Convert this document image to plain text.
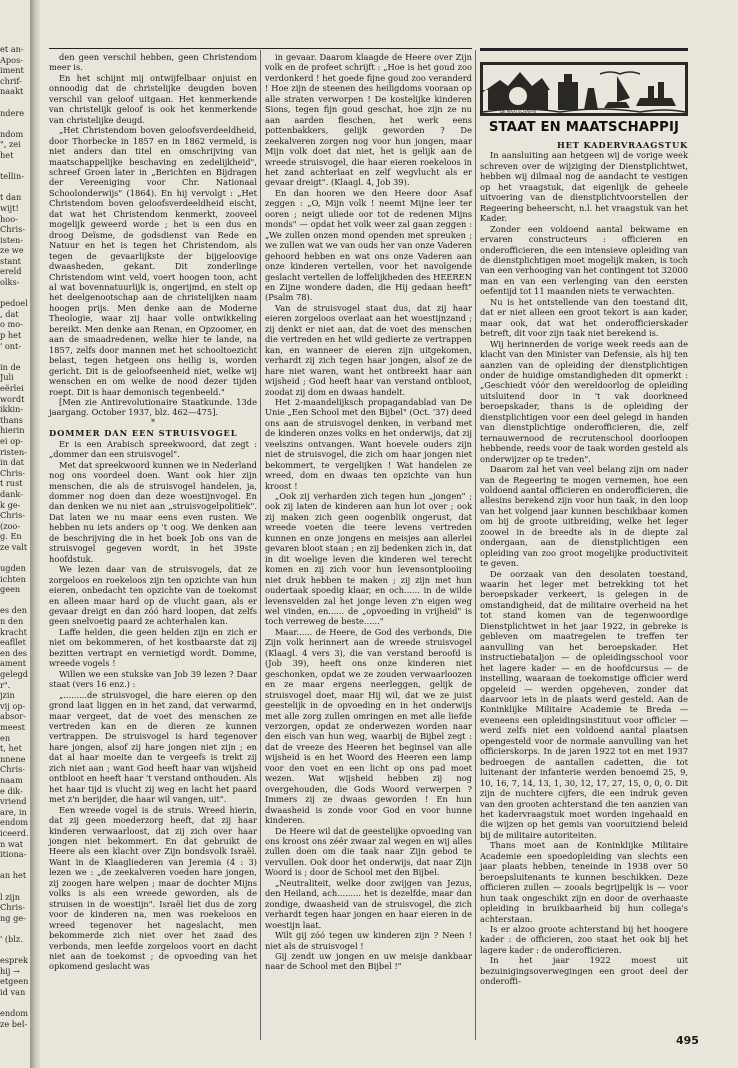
et an-
Apos-
iment
chrif-
naakt

ndere

ndom
", zei
het

tellin-

t dan
wijt!
hoo-
Chris-
isten-
ze we
stant
ereld
olks-

pedoel
, dat
o mo-
p het
' ont-

in de
Juli
eërlei
wordt
ikkin-
thans
hierin
ei op-
risten-
in dat
Chris-
t rust
dank-
k ge-
Chris-
(zoo-
g. En
ze valt

ugden
ichten
geen

es den
n den
kracht
eafllet
en des
ament
gelegd
r".
jzin
vij op-
absor-
meest
en
t, het
nnene
Chris-
naam
e dik-
vriend
are, in
endom
iceerd.
n wat
itiona-

an het

l zijn
Chris-
ng ge-

' (blz.

esprek
hij →
etgeen
id van

endom
ze bel-

den geen verschil hebben, geen Christendom meer is.

En het schijnt mij ontwijfelbaar onjuist en onnoodig dat de christelijke deugden boven verschil van geloof uitgaan. Het kenmerkende van christelijk geloof is ook het kenmerkende van christelijke deugd.

„Het Christendom boven geloofsverdeeldheid, door Thorbecke in 1857 en in 1862 vermeld, is niet anders dan titel en omschrijving van maatschappelijke beschaving en zedelijkheid", schreef Groen later in „Berichten en Bijdragen der Vereeniging voor Chr. Nationaal Schoolonderwijs" (1864). En hij vervolgt : „Het Christendom boven geloofsverdeeldheid eischt, dat wat het Christendom kenmerkt, zooveel mogelijk geweerd worde ; het is een dus en droog Deïsme, de godsdienst van Rede en Natuur en het is tegen het Christendom, als tegen de gevaarlijkste der bijgeloovige dwaasheden, gekant. Dit zonderlinge Christendom wint veld, voert hoogen toon, acht al wat bovennatuurlijk is, ongerijmd, en stelt op het deelgenootschap aan de christelijken naam hoogen prijs. Men denke aan de Moderne Theologie, waar zij haar volle ontwikkeling bereikt. Men denke aan Renan, en Opzoomer, en aan de smaadredenen, welke hier te lande, na 1857, zelfs door mannen met het schooltoezicht belast, tegen hetgeen ons heilig is, worden gericht. Dit is de geloofseenheid niet, welke wij wenschen en om welke de nood dezer tijden roept. Dit is haar demonisch tegenbeeld."

[Men zie Antirevolutionaire Staatkunde. 13de jaargang. October 1937, blz. 462—475].

*

DOMMER DAN EEN STRUISVOGEL

Er is een Arabisch spreekwoord, dat zegt : „dommer dan een struisvogel".

Met dat spreekwoord kunnen we in Nederland nog ons voordeel doen. Want ook hier zijn menschen, die als de struisvogel handelen, ja, dommer nog doen dan deze woestijnvogel. En dan denken we nu niet aan „struisvogelpolitiek". Dat laten we nu maar eens even rusten. We hebben nu iets anders op 't oog. We denken aan de beschrijving die in het boek Job ons van de struisvogel gegeven wordt, in het 39ste hoofdstuk.

We lezen daar van de struisvogels, dat ze zorgeloos en roekeloos zijn ten opzichte van hun eieren, onbedacht ten opzichte van de toekomst en alleen maar hard op de vlucht gaan, als er gevaar dreigt en dan zóó hard loopen, dat zelfs geen snelvoetig paard ze achterhalen kan.

Laffe helden, die geen helden zijn en zich er niet om bekommeren, of het kostbaarste dat zij bezitten vertrapt en vernietigd wordt. Domme, wreede vogels !

Willen we een stukske van Job 39 lezen ? Daar staat (vers 16 enz.) :

„.........de struisvogel, die hare eieren op den grond laat liggen en in het zand, dat verwarmd, maar vergeet, dat de voet des menschen ze vertreden kan en de dieren ze kunnen vertrappen. De struisvogel is hard tegenover hare jongen, alsof zij hare jongen niet zijn ; en dat al haar moeite dan te vergeefs is trekt zij zich niet aan ; want God heeft haar van wijsheid ontbloot en heeft haar 't verstand onthouden. Als het haar tijd is vlucht zij weg en lacht het paard met z'n berijder, die haar wil vangen, uit".

Een wreede vogel is de struis. Wreed hierin, dat zij geen moederzorg heeft, dat zij haar kinderen verwaarloost, dat zij zich over haar jongen niet bekommert. En dat gebruikt de Heere als een klacht over Zijn bondsvolk Israël. Want in de Klaagliederen van Jeremia (4 : 3) lezen we : „de zeekalveren voeden hare jongen, zij zoogen hare welpen ; maar de dochter Mijns volks is als een wreede geworden, als de struisen in de woestijn". Israël liet dus de zorg voor de kinderen na, men was roekeloos en wreed tegenover het nageslacht, men bekommerde zich niet over het zaad des verbonds, men leefde zorgeloos voort en dacht niet aan de toekomst ; de opvoeding van het opkomend geslacht was

in gevaar. Daarom klaagde de Heere over Zijn volk en de profeet schrijft : „Hoe is het goud zoo verdonkerd ! het goede fijne goud zoo veranderd ! Hoe zijn de steenen des heiligdoms vooraan op alle straten verworpen ! De kostelijke kinderen Sions, tegen fijn goud geschat, hoe zijn ze nu aan aarden fleschen, het werk eens pottenbakkers, gelijk geworden ? De zeekalveren zorgen nog voor hun jongen, maar Mijn volk doet dat niet, het is gelijk aan de wreede struisvogel, die haar eieren roekeloos in het zand achterlaat en zelf wegvlucht als er gevaar dreigt". (Klaagl. 4, Job 39).

En dan hooren we den Heere door Asaf zeggen : „O, Mijn volk ! neemt Mijne leer ter ooren ; neigt uliede oor tot de redenen Mijns monds" — opdat het volk weer zal gaan zeggen : „We zullen onzen mond openden met spreuken ; we zullen wat we van ouds her van onze Vaderen gehoord hebben en wat ons onze Vaderen aan onze kinderen vertellen, voor het navolgende geslacht vertellen de loffelijkheden des HEEREN en Zijne wondere daden, die Hij gedaan heeft" (Psalm 78).

Van de struisvogel staat dus, dat zij haar eieren zorgeloos overlaat aan het woestijnzand ; zij denkt er niet aan, dat de voet des menschen die vertreden en het wild gedierte ze vertrappen kan, en wanneer de eieren zijn uitgekomen, verhardt zij zich tegen haar jongen, alsof ze de hare niet waren, want het ontbreekt haar aan wijsheid ; God heeft haar van verstand ontbloot, zoodat zij dom en dwaas handelt.

Het 2-maandelijksch propagandablad van De Unie „Een School met den Bijbel" (Oct. '37) deed ons aan de struisvogel denken, in verband met de kinderen onzes volks en het onderwijs, dat zij veelszins ontvangen. Want hoevele ouders zijn niet de struisvogel, die zich om haar jongen niet bekommert, te vergelijken ! Wat handelen ze wreed, dom en dwaas ten opzichte van hun kroost !

„Ook zij verharden zich tegen hun „jongen" ; ook zij laten de kinderen aan hun lot over ; ook zij maken zich geen oogenblik ongerust, dat wreede voeten die teere levens vertreden kunnen en onze jongens en meisjes aan allerlei gevaren bloot staan ; en zij bedenken zich in, dat in dit woelige leven die kinderen wel terecht komen en zij zich voor hun levensontplooiing niet druk hebben te maken ; zij zijn met hun oudertaak spoedig klaar, en och...... in de wilde levensvelden zal het jonge leven z'n eigen weg wel vinden, en...... de „opvoeding in vrijheid" is toch verreweg de beste......"

Maar...... de Heere, de God des verbonds, Die Zijn volk herinnert aan de wreede struisvogel (Klaagl. 4 vers 3), die van verstand beroofd is (Job 39), heeft ons onze kinderen niet geschonken, opdat we ze zouden verwaarloozen en ze maar ergens neerleggen, gelijk de struisvogel doet, maar Hij wil, dat we ze juist geestelijk in de opvoeding en in het onderwijs met alle zorg zullen omringen en met alle liefde verzorgen, opdat ze onderwezen worden naar den eisch van hun weg, waarbij de Bijbel zegt : dat de vreeze des Heeren het beginsel van alle wijsheid is en het Woord des Heeren een lamp voor den voet en een licht op ons pad moet wezen. Wat wijsheid hebben zij nog overgehouden, die Gods Woord verwerpen ? Immers zij ze dwaas geworden ! En hun dwaasheid is zonde voor God en voor hunne kinderen.

De Heere wil dat de geestelijke opvoeding van ons kroost ons zéér zwaar zal wegen en wij alles zullen doen om die taak naar Zijn gebod te vervullen. Ook door het onderwijs, dat naar Zijn Woord is ; door de School met den Bijbel.

„Neutraliteit, welke door zwijgen van Jezus, den Heiland, ach......... het is dezelfde, maar dan zondige, dwaasheid van de struisvogel, die zich verhardt tegen haar jongen en haar eieren in de woestijn laat.

Wilt gij zóó tegen uw kinderen zijn ? Neen ! niet als de struisvogel !

Gij zendt uw jongen en uw meisje dankbaar naar de School met den Bijbel !"

DE MAATSCHAPPIJ
STAAT EN MAATSCHAPPIJ

HET KADERVRAAGSTUK

In aansluiting aan hetgeen wij de vorige week schreven over de wijziging der Dienstplichtwet, hebben wij dilmaal nog de aandacht te vestigen op het vraagstuk, dat eigenlijk de geheele uitvoering van de dienstplichtvoorstellen der Regeering beheerscht, n.l. het vraagstuk van het Kader.

Zonder een voldoend aantal bekwame en ervaren constructeurs : officieren en onderofficieren, die een intensieve opleiding van de dienstplichtigen moet mogelijk maken, is toch van een verhooging van het contingent tot 32000 man en van een verlenging van den eersten oefentijd tot 11 maanden niets te verwachten.

Nu is het ontstellende van den toestand dit, dat er niet alleen een groot tekort is aan kader, maar ook, dat wat het onderofficierskader betreft, dit voor zijn taak niet berekend is.

Wij herinnerden de vorige week reeds aan de klacht van den Minister van Defensie, als hij ten aanzien van de opleiding der dienstplichtigen onder de huidige omstandigheden dit opmerkt : „Geschiedt vóór den wereldoorlog de opleiding uitsluitend door in 't vak doorkneed beroepskader, thans is de opleiding der dienstplichtigen voor een deel gelegd in handen van dienstplichtige onderofficieren, die, zelf ternauwernood de recrutenschool doorloopen hebbende, reeds voor de taak worden gesteld als onderwijzer op te treden".

Daarom zal het van veel belang zijn om nader van de Regeering te mogen vernemen, hoe een voldoend aantal officieren en onderofficieren, die allesins berekend zijn voor hun taak, in den loop van het volgend jaar kunnen beschikbaar komen om bij de groote uitbreiding, welke het leger zoowel in de breedte als in de diepte zal ondergaan, aan de dienstplichtigen een opleiding van zoo groot mogelijke productiviteit te geven.

De oorzaak van den desolaten toestand, waarin het leger met betrekking tot het beroepskader verkeert, is gelegen in de omstandigheid, dat de militaire overheid na het tot stand komen van de tegenwoordige Dienstplichtwet in het jaar 1922, in gebreke is gebleven om maatregelen te treffen ter aanvulling van het beroepskader. Het instructiebataljon — de opleidingsschool voor het lagere kader — en de hoofdcursus — de instelling, waaraan de toekomstige officier werd opgeleid — werden opgeheven, zonder dat daarvoor iets in de plaats werd gesteld. Aan de Koninklijke Militaire Academie te Breda — eveneens een opleidingsinstituut voor officier — werd zelfs niet een voldoend aantal plaatsen opengesteld voor de normale aanvulling van het officierskorps. In de jaren 1922 tot en met 1937 bedroegen de aantallen cadetten, die tot luitenant der infanterie werden benoemd 25, 9, 10, 16, 7, 14, 13, 1, 30, 12, 17, 27, 15, 0, 0, 0. Dit zijn de nuchtere cijfers, die een indruk geven van den grooten achterstand die ten aanzien van het kadervraagstuk moet worden ingehaald en die wijzen op het gemis van vooruitziend beleid bij de militaire autoriteiten.

Thans moet aan de Koninklijke Militaire Academie een spoedopleiding van slechts een jaar plaats hebben, teneinde in 1938 over 50 beroepsluitenants te kunnen beschikken. Deze officieren zullen — zooals begrijpelijk is — voor hun taak ongeschikt zijn en door de overhaaste opleiding in bruikbaarheid bij hun collega's achterstaan.

Is er alzoo groote achterstand bij het hoogere kader : de officieren, zoo staat het ook bij het lagere kader : de onderofficieren.

In het jaar 1922 moest uit bezuinigingsoverwegingen een groot deel der onderoffi-

495
